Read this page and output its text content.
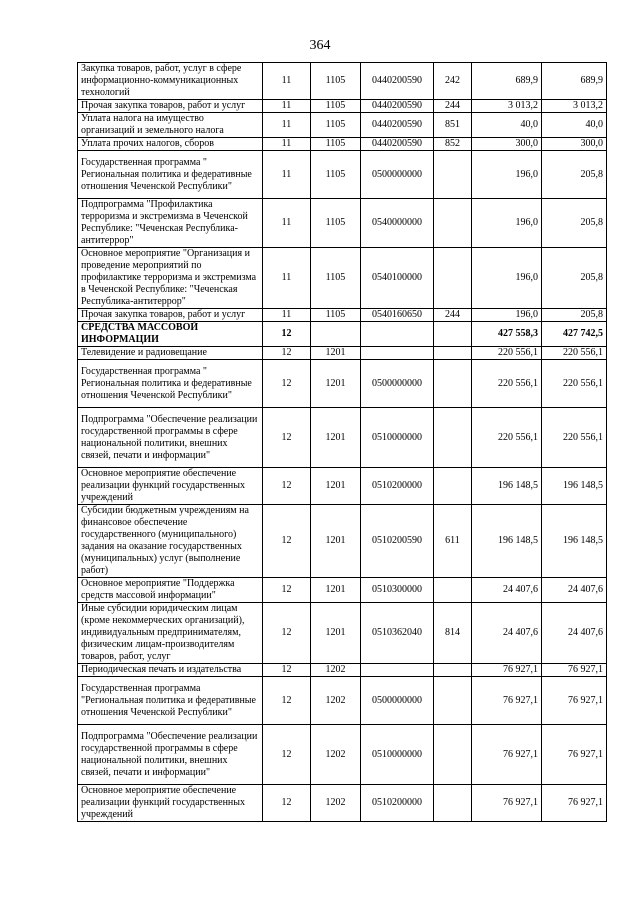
364
Закупка товаров, работ, услуг в сфере информационно-коммуникационных технологий	11	1105	0440200590	242	689,9	689,9
Прочая закупка товаров, работ и услуг	11	1105	0440200590	244	3 013,2	3 013,2
Уплата налога на имущество организаций и земельного налога	11	1105	0440200590	851	40,0	40,0
Уплата прочих налогов, сборов	11	1105	0440200590	852	300,0	300,0
Государственная программа " Региональная политика и федеративные отношения Чеченской Республики"	11	1105	0500000000		196,0	205,8
Подпрограмма "Профилактика терроризма и экстремизма в Чеченской Республике: "Чеченская Республика-антитеррор"	11	1105	0540000000		196,0	205,8
Основное мероприятие "Организация и проведение мероприятий по профилактике терроризма и экстремизма в Чеченской Республике: "Чеченская Республика-антитеррор"	11	1105	0540100000		196,0	205,8
Прочая закупка товаров, работ и услуг	11	1105	0540160650	244	196,0	205,8
СРЕДСТВА МАССОВОЙ ИНФОРМАЦИИ	12				427 558,3	427 742,5
Телевидение и радиовещание	12	1201			220 556,1	220 556,1
Государственная программа " Региональная политика и федеративные отношения Чеченской Республики"	12	1201	0500000000		220 556,1	220 556,1
Подпрограмма "Обеспечение реализации государственной программы в сфере национальной политики, внешних связей, печати и информации"	12	1201	0510000000		220 556,1	220 556,1
Основное мероприятие обеспечение реализации функций государственных учреждений	12	1201	0510200000		196 148,5	196 148,5
Субсидии бюджетным учреждениям на финансовое обеспечение государственного (муниципального) задания на оказание государственных (муниципальных) услуг (выполнение работ)	12	1201	0510200590	611	196 148,5	196 148,5
Основное мероприятие "Поддержка средств массовой информации"	12	1201	0510300000		24 407,6	24 407,6
Иные субсидии юридическим лицам (кроме некоммерческих организаций), индивидуальным предпринимателям, физическим лицам-производителям товаров, работ, услуг	12	1201	0510362040	814	24 407,6	24 407,6
Периодическая печать и издательства	12	1202			76 927,1	76 927,1
Государственная программа "Региональная политика и федеративные отношения Чеченской Республики"	12	1202	0500000000		76 927,1	76 927,1
Подпрограмма "Обеспечение реализации государственной программы в сфере национальной политики, внешних связей, печати и информации"	12	1202	0510000000		76 927,1	76 927,1
Основное мероприятие обеспечение реализации функций государственных учреждений	12	1202	0510200000		76 927,1	76 927,1
